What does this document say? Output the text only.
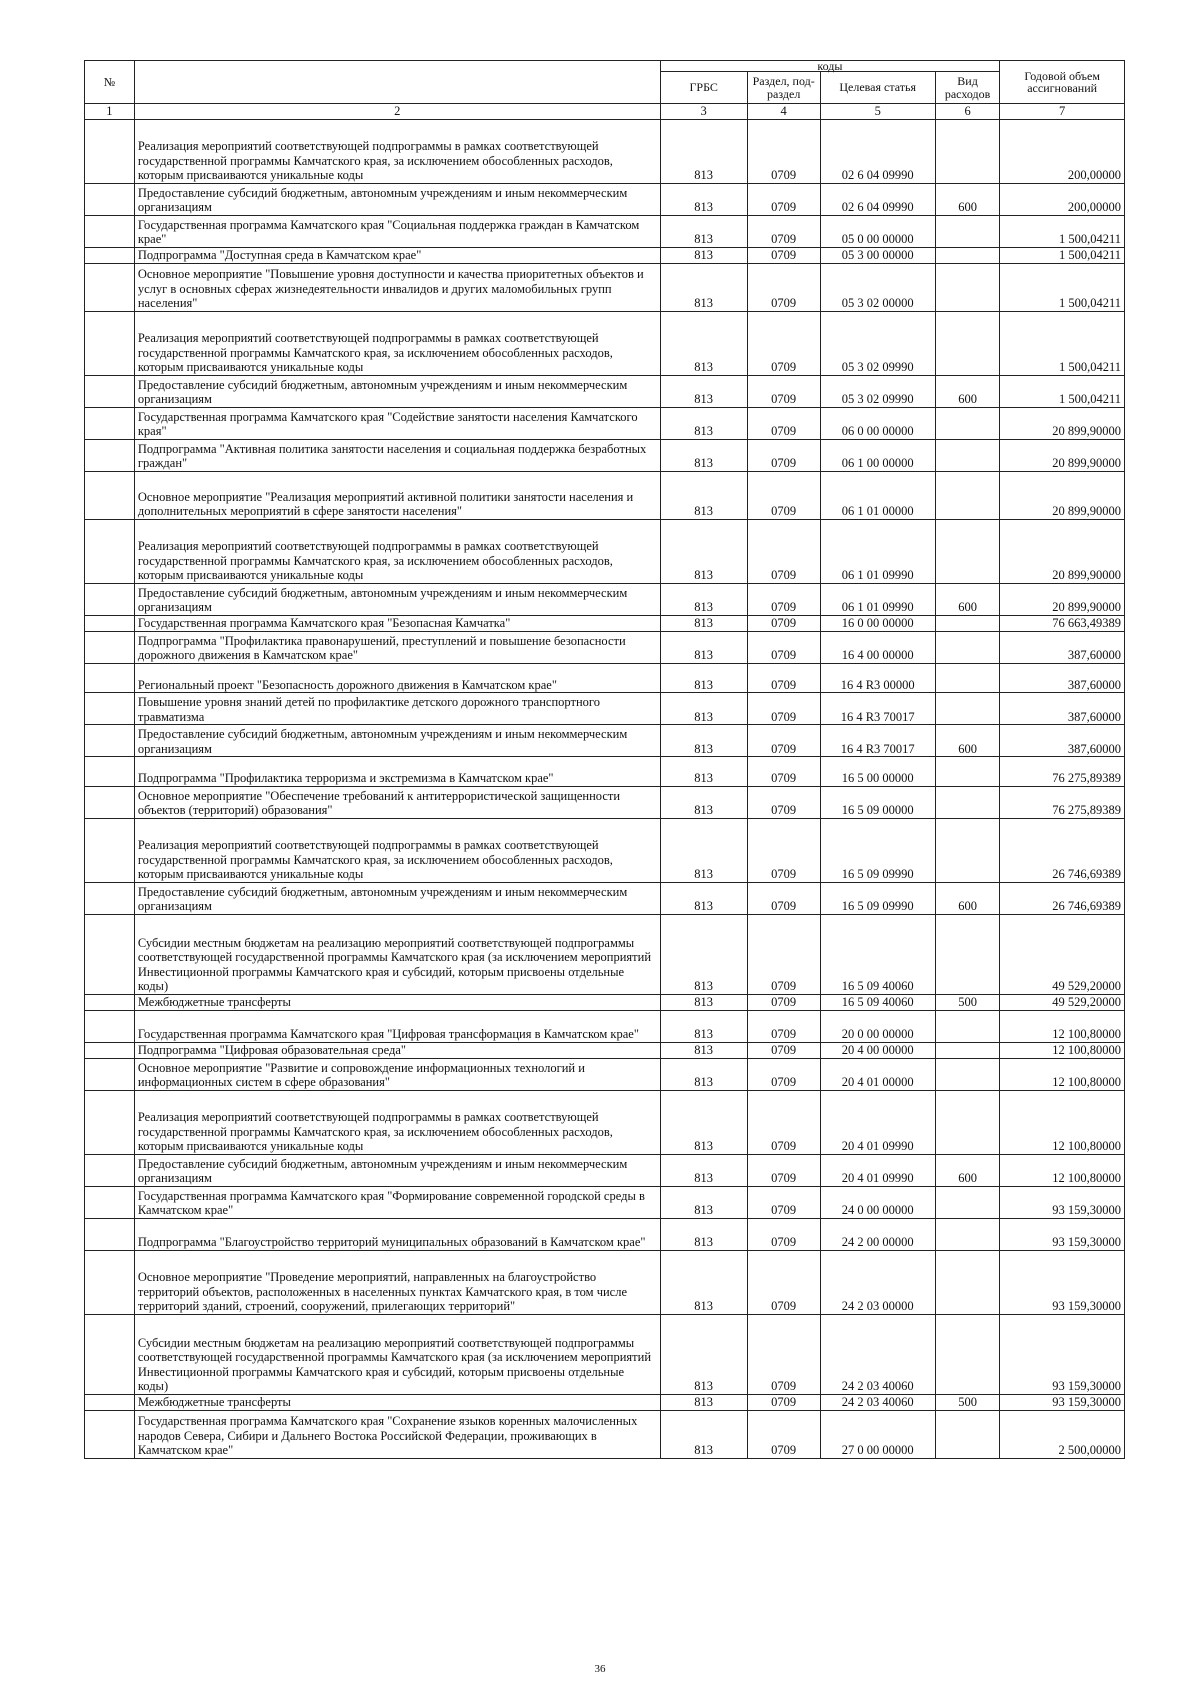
№		коды				Годовой объем ассигнований
		ГРБС	Раздел, под-раздел	Целевая статья	Вид расходов	
1	2	3	4	5	6	7
	Реализация мероприятий соответствующей подпрограммы в рамках соответствующей государственной программы Камчатского края, за исключением обособленных расходов, которым присваиваются уникальные коды	813	0709	02 6 04 09990		200,00000
	Предоставление субсидий бюджетным, автономным учреждениям и иным некоммерческим организациям	813	0709	02 6 04 09990	600	200,00000
	Государственная программа Камчатского края "Социальная поддержка граждан в Камчатском крае"	813	0709	05 0 00 00000		1 500,04211
	Подпрограмма "Доступная среда в Камчатском крае"	813	0709	05 3 00 00000		1 500,04211
	Основное мероприятие "Повышение уровня доступности и качества приоритетных объектов и услуг в основных сферах жизнедеятельности инвалидов и других маломобильных групп населения"	813	0709	05 3 02 00000		1 500,04211
	Реализация мероприятий соответствующей подпрограммы в рамках соответствующей государственной программы Камчатского края, за исключением обособленных расходов, которым присваиваются уникальные коды	813	0709	05 3 02 09990		1 500,04211
	Предоставление субсидий бюджетным, автономным учреждениям и иным некоммерческим организациям	813	0709	05 3 02 09990	600	1 500,04211
	Государственная программа Камчатского края "Содействие занятости населения Камчатского края"	813	0709	06 0 00 00000		20 899,90000
	Подпрограмма "Активная политика занятости населения и социальная поддержка безработных граждан"	813	0709	06 1 00 00000		20 899,90000
	Основное мероприятие "Реализация мероприятий активной политики занятости населения и дополнительных мероприятий в сфере занятости населения"	813	0709	06 1 01 00000		20 899,90000
	Реализация мероприятий соответствующей подпрограммы в рамках соответствующей государственной программы Камчатского края, за исключением обособленных расходов, которым присваиваются уникальные коды	813	0709	06 1 01 09990		20 899,90000
	Предоставление субсидий бюджетным, автономным учреждениям и иным некоммерческим организациям	813	0709	06 1 01 09990	600	20 899,90000
	Государственная программа Камчатского края "Безопасная Камчатка"	813	0709	16 0 00 00000		76 663,49389
	Подпрограмма "Профилактика правонарушений, преступлений и повышение безопасности дорожного движения в Камчатском крае"	813	0709	16 4 00 00000		387,60000
	Региональный проект "Безопасность дорожного движения в Камчатском крае"	813	0709	16 4 R3 00000		387,60000
	Повышение уровня знаний детей по профилактике детского дорожного транспортного травматизма	813	0709	16 4 R3 70017		387,60000
	Предоставление субсидий бюджетным, автономным учреждениям и иным некоммерческим организациям	813	0709	16 4 R3 70017	600	387,60000
	Подпрограмма "Профилактика терроризма и экстремизма в Камчатском крае"	813	0709	16 5 00 00000		76 275,89389
	Основное мероприятие "Обеспечение требований к антитеррористической защищенности объектов (территорий) образования"	813	0709	16 5 09 00000		76 275,89389
	Реализация мероприятий соответствующей подпрограммы в рамках соответствующей государственной программы Камчатского края, за исключением обособленных расходов, которым присваиваются уникальные коды	813	0709	16 5 09 09990		26 746,69389
	Предоставление субсидий бюджетным, автономным учреждениям и иным некоммерческим организациям	813	0709	16 5 09 09990	600	26 746,69389
	Субсидии местным бюджетам на реализацию мероприятий соответствующей подпрограммы соответствующей государственной программы Камчатского края (за исключением мероприятий Инвестиционной программы Камчатского края и субсидий, которым присвоены отдельные коды)	813	0709	16 5 09 40060		49 529,20000
	Межбюджетные трансферты	813	0709	16 5 09 40060	500	49 529,20000
	Государственная программа Камчатского края "Цифровая трансформация в Камчатском крае"	813	0709	20 0 00 00000		12 100,80000
	Подпрограмма "Цифровая образовательная среда"	813	0709	20 4 00 00000		12 100,80000
	Основное мероприятие "Развитие и сопровождение информационных технологий и информационных систем в сфере образования"	813	0709	20 4 01 00000		12 100,80000
	Реализация мероприятий соответствующей подпрограммы в рамках соответствующей государственной программы Камчатского края, за исключением обособленных расходов, которым присваиваются уникальные коды	813	0709	20 4 01 09990		12 100,80000
	Предоставление субсидий бюджетным, автономным учреждениям и иным некоммерческим организациям	813	0709	20 4 01 09990	600	12 100,80000
	Государственная программа Камчатского края "Формирование современной городской среды в Камчатском крае"	813	0709	24 0 00 00000		93 159,30000
	Подпрограмма "Благоустройство территорий муниципальных образований в Камчатском крае"	813	0709	24 2 00 00000		93 159,30000
	Основное мероприятие "Проведение мероприятий, направленных на благоустройство территорий объектов, расположенных в населенных пунктах Камчатского края, в том числе территорий зданий, строений, сооружений, прилегающих территорий"	813	0709	24 2 03 00000		93 159,30000
	Субсидии местным бюджетам на реализацию мероприятий соответствующей подпрограммы соответствующей государственной программы Камчатского края (за исключением мероприятий Инвестиционной программы Камчатского края и субсидий, которым присвоены отдельные коды)	813	0709	24 2 03 40060		93 159,30000
	Межбюджетные трансферты	813	0709	24 2 03 40060	500	93 159,30000
	Государственная программа Камчатского края "Сохранение языков коренных малочисленных народов Севера, Сибири и Дальнего Востока Российской Федерации, проживающих в Камчатском крае"	813	0709	27 0 00 00000		2 500,00000
36
